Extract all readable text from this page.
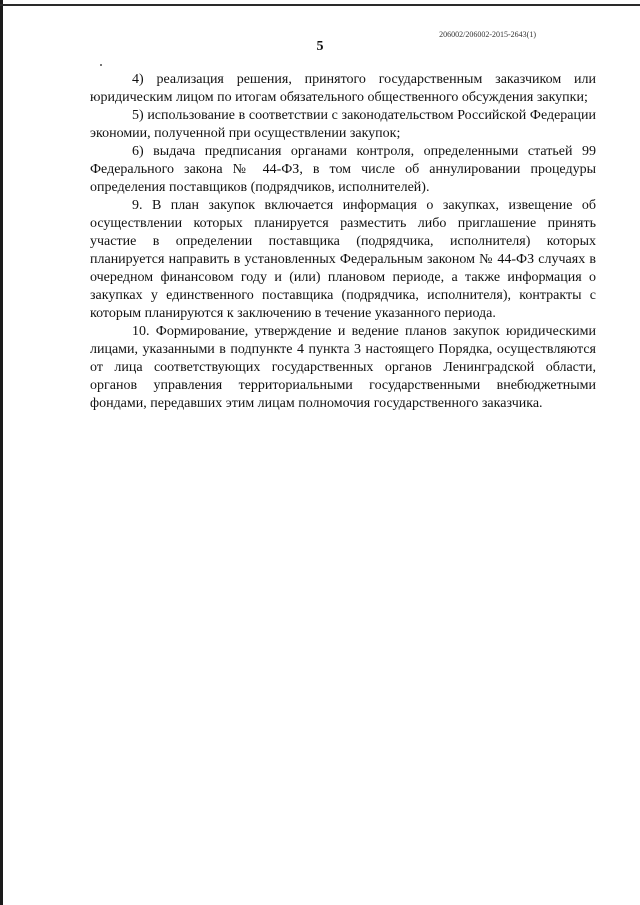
206002/206002-2015-2643(1)
5

4) реализация решения, принятого государственным заказчиком или юридическим лицом по итогам обязательного общественного обсуждения закупки;

5) использование в соответствии с законодательством Российской Федерации экономии, полученной при осуществлении закупок;

6) выдача предписания органами контроля, определенными статьей 99 Федерального закона № 44-ФЗ, в том числе об аннулировании процедуры определения поставщиков (подрядчиков, исполнителей).

9. В план закупок включается информация о закупках, извещение об осуществлении которых планируется разместить либо приглашение принять участие в определении поставщика (подрядчика, исполнителя) которых планируется направить в установленных Федеральным законом № 44-ФЗ случаях в очередном финансовом году и (или) плановом периоде, а также информация о закупках у единственного поставщика (подрядчика, исполнителя), контракты с которым планируются к заключению в течение указанного периода.

10. Формирование, утверждение и ведение планов закупок юридическими лицами, указанными в подпункте 4 пункта 3 настоящего Порядка, осуществляются от лица соответствующих государственных органов Ленинградской области, органов управления территориальными государственными внебюджетными фондами, передавших этим лицам полномочия государственного заказчика.
